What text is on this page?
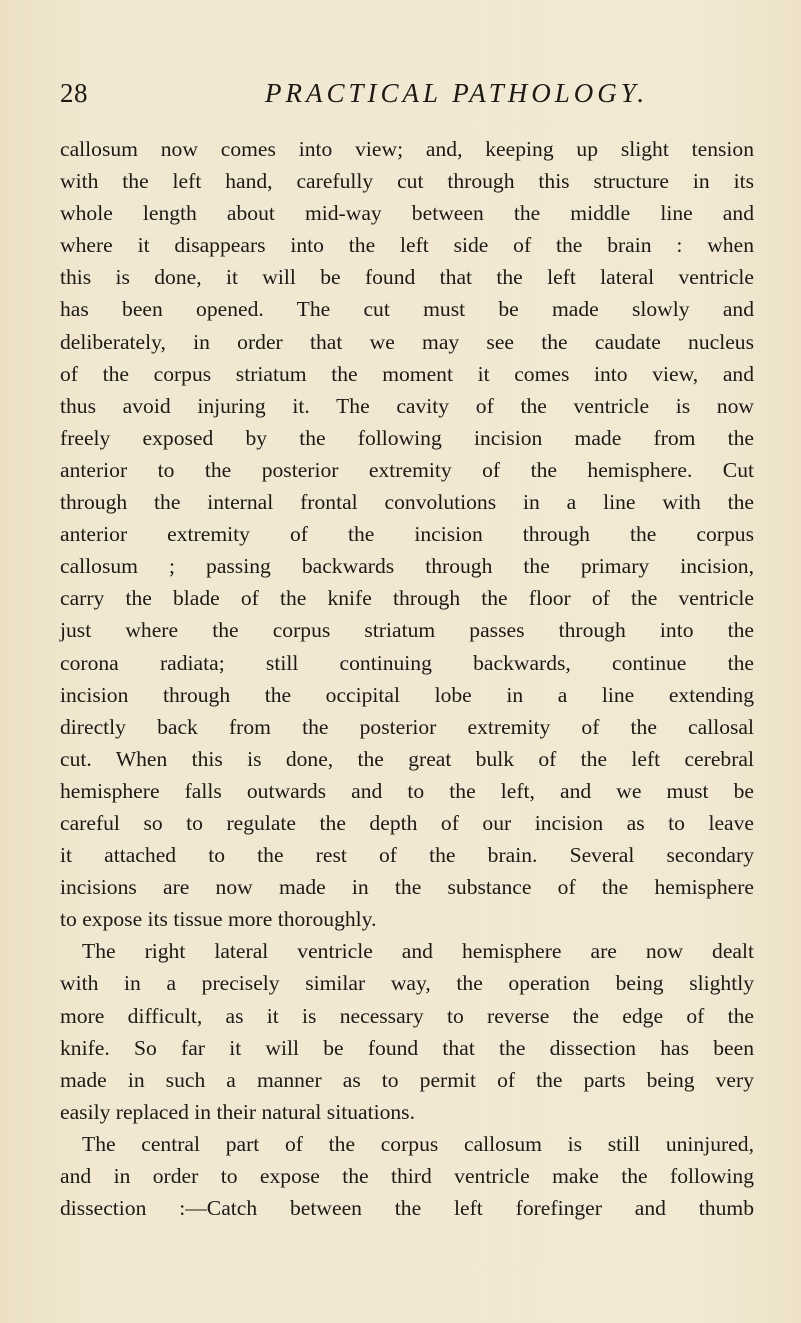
28	PRACTICAL PATHOLOGY.
callosum now comes into view; and, keeping up slight tension
with the left hand, carefully cut through this structure in its
whole length about mid-way between the middle line and
where it disappears into the left side of the brain : when
this is done, it will be found that the left lateral ventricle
has been opened. The cut must be made slowly and
deliberately, in order that we may see the caudate nucleus
of the corpus striatum the moment it comes into view, and
thus avoid injuring it. The cavity of the ventricle is now
freely exposed by the following incision made from the
anterior to the posterior extremity of the hemisphere. Cut
through the internal frontal convolutions in a line with the
anterior extremity of the incision through the corpus
callosum ; passing backwards through the primary incision,
carry the blade of the knife through the floor of the ventricle
just where the corpus striatum passes through into the
corona radiata; still continuing backwards, continue the
incision through the occipital lobe in a line extending
directly back from the posterior extremity of the callosal
cut. When this is done, the great bulk of the left cerebral
hemisphere falls outwards and to the left, and we must be
careful so to regulate the depth of our incision as to leave
it attached to the rest of the brain. Several secondary
incisions are now made in the substance of the hemisphere
to expose its tissue more thoroughly.
The right lateral ventricle and hemisphere are now dealt
with in a precisely similar way, the operation being slightly
more difficult, as it is necessary to reverse the edge of the
knife. So far it will be found that the dissection has been
made in such a manner as to permit of the parts being very
easily replaced in their natural situations.
The central part of the corpus callosum is still uninjured,
and in order to expose the third ventricle make the following
dissection :—Catch between the left forefinger and thumb
